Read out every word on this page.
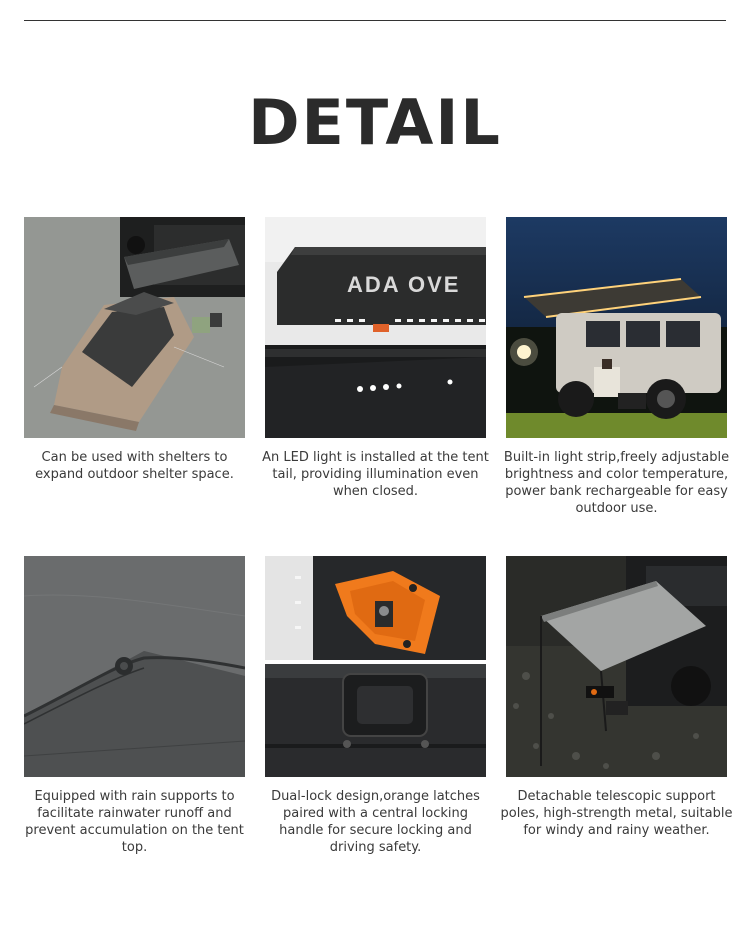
DETAIL
Can be used with shelters to expand outdoor shelter space.
ADA OVE
An LED light is installed at the tent tail, providing illumination even when closed.
Built-in light strip,freely adjustable brightness and color temperature, power bank rechargeable for easy outdoor use.
Equipped with rain supports to facilitate rainwater runoff and prevent accumulation on the tent top.
Dual-lock design,orange latches paired with a central locking handle for secure locking and driving safety.
Detachable telescopic support poles, high-strength metal, suitable for windy and rainy weather.
